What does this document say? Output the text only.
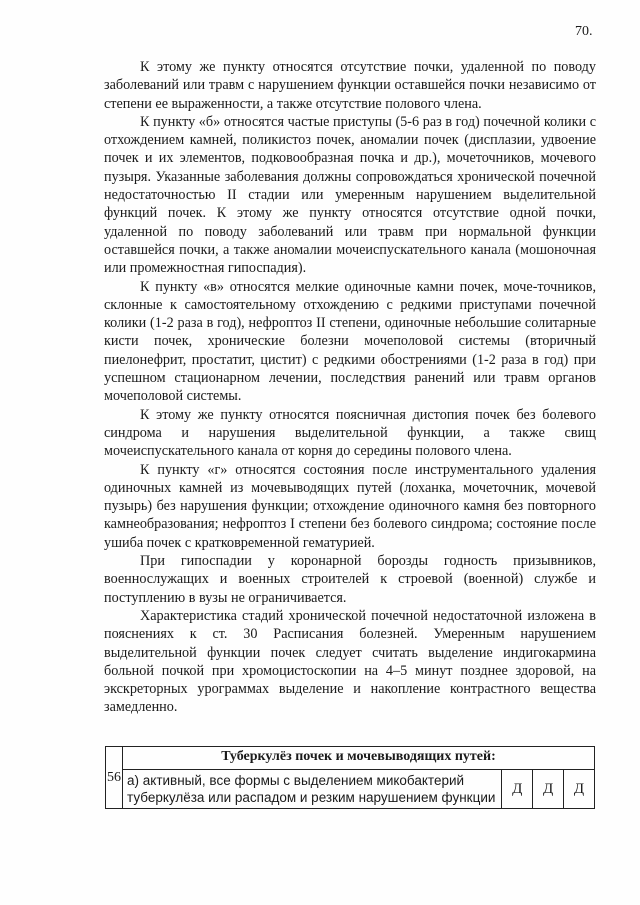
70.

К этому же пункту относятся отсутствие почки, удаленной по поводу заболеваний или травм с нарушением функции оставшейся почки независимо от степени ее выраженности, а также отсутствие полового члена.

К пункту «б» относятся частые приступы (5-6 раз в год) почечной колики с отхождением камней, поликистоз почек, аномалии почек (дисплазии, удвоение почек и их элементов, подковообразная почка и др.), мочеточников, мочевого пузыря. Указанные заболевания должны сопровождаться хронической почечной недостаточностью II стадии или умеренным нарушением выделительной функций почек. К этому же пункту относятся отсутствие одной почки, удаленной по поводу заболеваний или травм при нормальной функции оставшейся почки, а также аномалии мочеиспускательного канала (мошоночная или промежностная гипоспадия).

К пункту «в» относятся мелкие одиночные камни почек, моче-точников, склонные к самостоятельному отхождению с редкими приступами почечной колики (1-2 раза в год), нефроптоз II степени, одиночные небольшие солитарные кисти почек, хронические болезни мочеполовой системы (вторичный пиелонефрит, простатит, цистит) с редкими обострениями (1-2 раза в год) при успешном стационарном лечении, последствия ранений или травм органов мочеполовой системы.

К этому же пункту относятся поясничная дистопия почек без болевого синдрома и нарушения выделительной функции, а также свищ мочеиспускательного канала от корня до середины полового члена.

К пункту «г» относятся состояния после инструментального удаления одиночных камней из мочевыводящих путей (лоханка, мочеточник, мочевой пузырь) без нарушения функции; отхождение одиночного камня без повторного камнеобразования; нефроптоз I степени без болевого синдрома; состояние после ушиба почек с кратковременной гематурией.

При гипоспадии у коронарной борозды годность призывников, военнослужащих и военных строителей к строевой (военной) службе и поступлению в вузы не ограничивается.

Характеристика стадий хронической почечной недостаточной изложена в пояснениях к ст. 30 Расписания болезней. Умеренным нарушением выделительной функции почек следует считать выделение индигокармина больной почкой при хромоцистоскопии на 4–5 минут позднее здоровой, на экскреторных урограммах выделение и накопление контрастного вещества замедленно.

56	Туберкулёз почек и мочевыводящих путей:			
	а) активный, все формы с выделением микобактерий туберкулёза или распадом и резким нарушением функции	Д	Д	Д
